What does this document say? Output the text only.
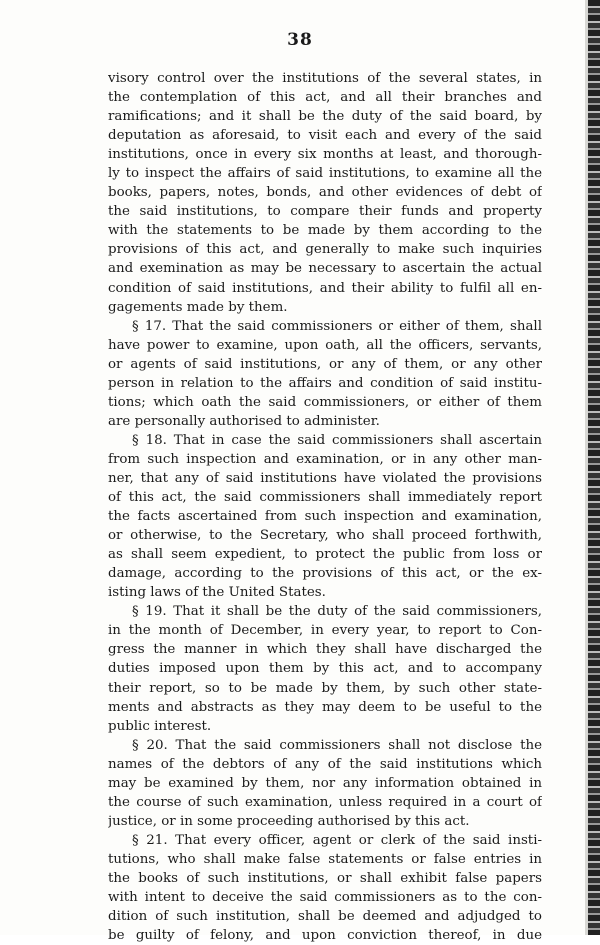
38
visory control over the institutions of the several states, in
the contemplation of this act, and all their branches and
ramifications; and it shall be the duty of the said board, by
deputation as aforesaid, to visit each and every of the said
institutions, once in every six months at least, and thorough-
ly to inspect the affairs of said institutions, to examine all the
books, papers, notes, bonds, and other evidences of debt of
the said institutions, to compare their funds and property
with the statements to be made by them according to the
provisions of this act, and generally to make such inquiries
and exemination as may be necessary to ascertain the actual
condition of said institutions, and their ability to fulfil all en-
gagements made by them.
§ 17. That the said commissioners or either of them, shall
have power to examine, upon oath, all the officers, servants,
or agents of said institutions, or any of them, or any other
person in relation to the affairs and condition of said institu-
tions; which oath the said commissioners, or either of them
are personally authorised to administer.
§ 18. That in case the said commissioners shall ascertain
from such inspection and examination, or in any other man-
ner, that any of said institutions have violated the provisions
of this act, the said commissioners shall immediately report
the facts ascertained from such inspection and examination,
or otherwise, to the Secretary, who shall proceed forthwith,
as shall seem expedient, to protect the public from loss or
damage, according to the provisions of this act, or the ex-
isting laws of the United States.
§ 19. That it shall be the duty of the said commissioners,
in the month of December, in every year, to report to Con-
gress the manner in which they shall have discharged the
duties imposed upon them by this act, and to accompany
their report, so to be made by them, by such other state-
ments and abstracts as they may deem to be useful to the
public interest.
§ 20. That the said commissioners shall not disclose the
names of the debtors of any of the said institutions which
may be examined by them, nor any information obtained in
the course of such examination, unless required in a court of
justice, or in some proceeding authorised by this act.
§ 21. That every officer, agent or clerk of the said insti-
tutions, who shall make false statements or false entries in
the books of such institutions, or shall exhibit false papers
with intent to deceive the said commissioners as to the con-
dition of such institution, shall be deemed and adjudged to
be guilty of felony, and upon conviction thereof, in due
